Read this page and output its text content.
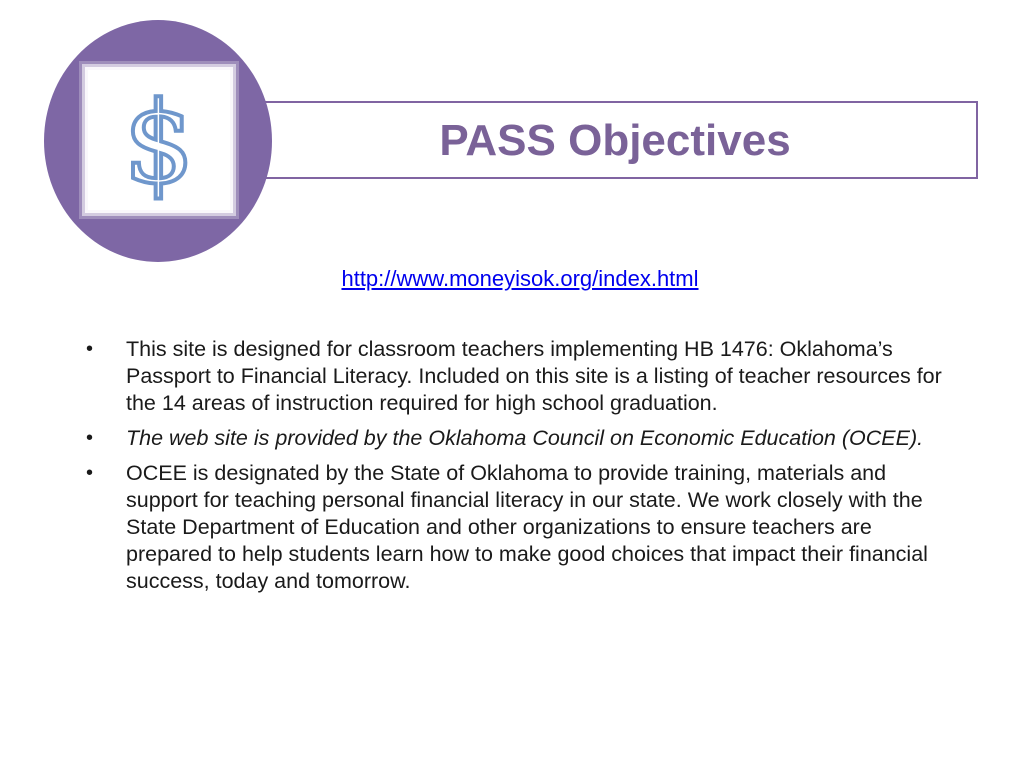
PASS Objectives
$
http://www.moneyisok.org/index.html
• This site is designed for classroom teachers implementing HB 1476: Oklahoma’s Passport to Financial Literacy. Included on this site is a listing of teacher resources for the 14 areas of instruction required for high school graduation.
• The web site is provided by the Oklahoma Council on Economic Education (OCEE).
• OCEE is designated by the State of Oklahoma to provide training, materials and support for teaching personal financial literacy in our state. We work closely with the State Department of Education and other organizations to ensure teachers are prepared to help students learn how to make good choices that impact their financial success, today and tomorrow.
